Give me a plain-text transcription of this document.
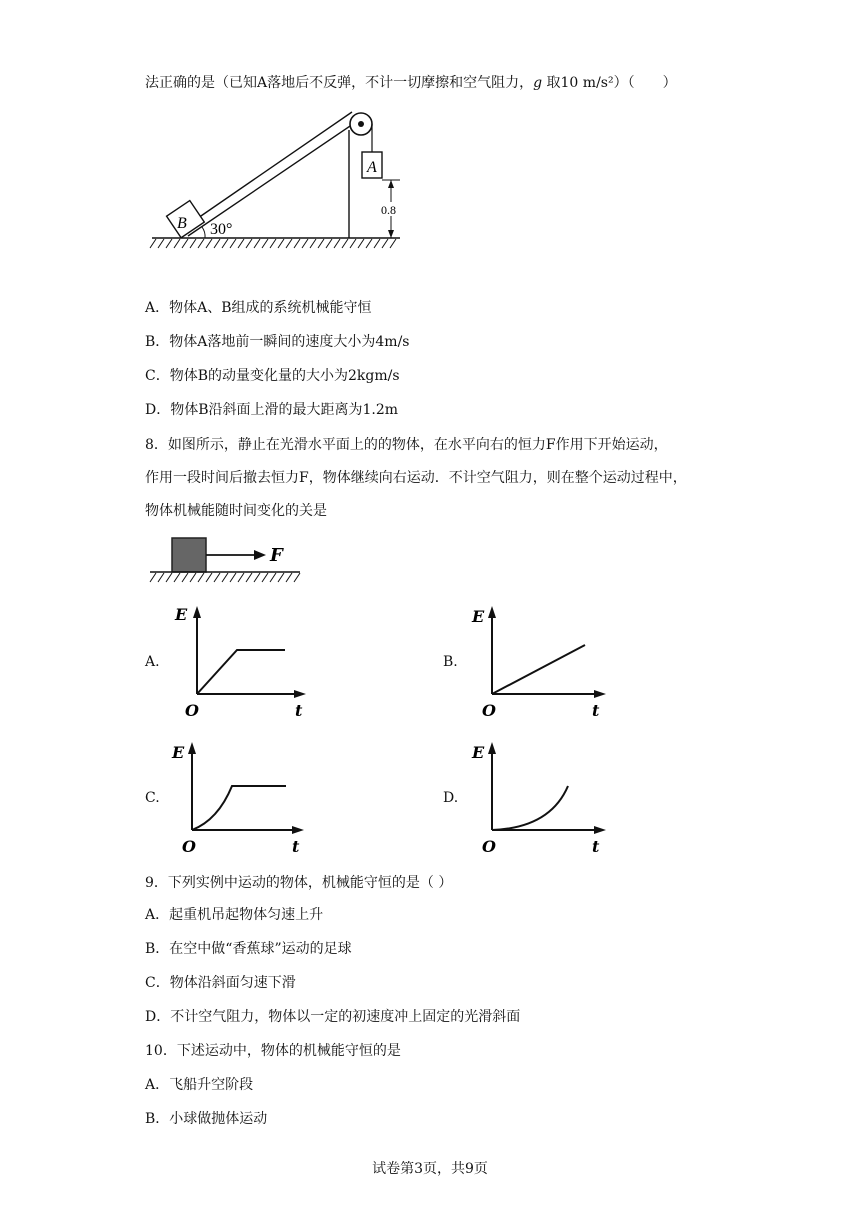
法正确的是（已知A落地后不反弹，不计一切摩擦和空气阻力，g 取10 m/s²）（　　）
A
0.8
B 30°
A．物体A、B组成的系统机械能守恒
B．物体A落地前一瞬间的速度大小为4m/s
C．物体B的动量变化量的大小为2kgm/s
D．物体B沿斜面上滑的最大距离为1.2m
8．如图所示，静止在光滑水平面上的的物体，在水平向右的恒力F作用下开始运动，
作用一段时间后撤去恒力F，物体继续向右运动．不计空气阻力，则在整个运动过程中，
物体机械能随时间变化的关是
F
A.	B.
C.	D.
E
O	t
E
O	t
E
O	t
E
O	t
9．下列实例中运动的物体，机械能守恒的是（ ）
A．起重机吊起物体匀速上升
B．在空中做“香蕉球”运动的足球
C．物体沿斜面匀速下滑
D．不计空气阻力，物体以一定的初速度冲上固定的光滑斜面
10．下述运动中，物体的机械能守恒的是
A．飞船升空阶段
B．小球做抛体运动
试卷第3页，共9页
